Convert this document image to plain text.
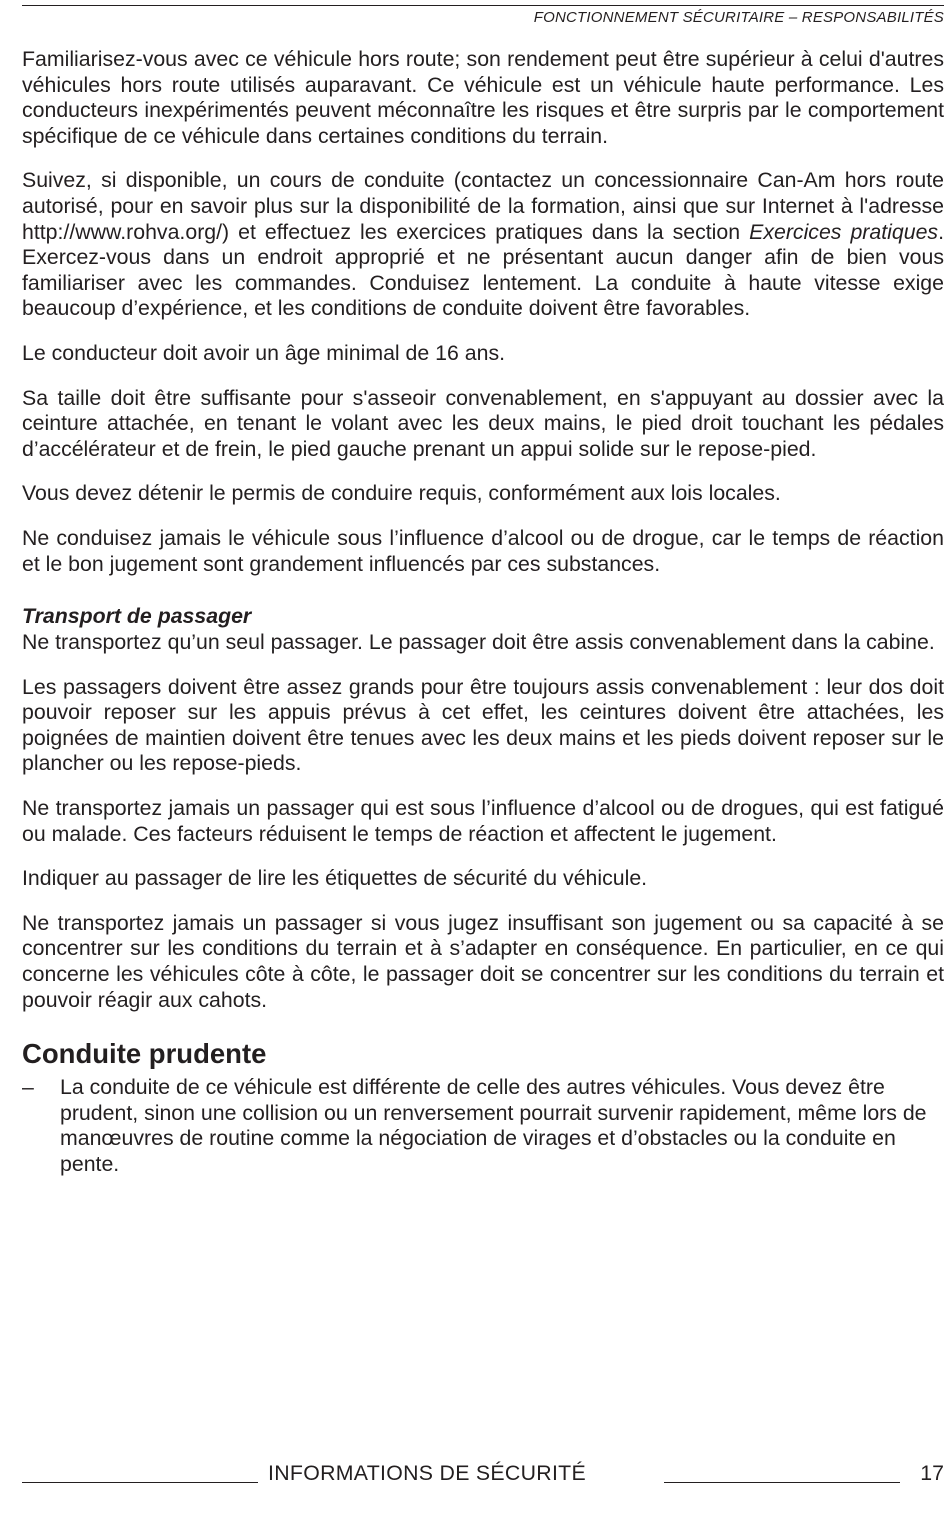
FONCTIONNEMENT SÉCURITAIRE – RESPONSABILITÉS

Familiarisez-vous avec ce véhicule hors route; son rendement peut être supérieur à celui d'autres véhicules hors route utilisés auparavant. Ce véhicule est un véhicule haute performance. Les conducteurs inexpérimentés peuvent méconnaître les risques et être surpris par le comportement spécifique de ce véhicule dans certaines conditions du terrain.

Suivez, si disponible, un cours de conduite (contactez un concessionnaire Can-Am hors route autorisé, pour en savoir plus sur la disponibilité de la formation, ainsi que sur Internet à l'adresse http://www.rohva.org/) et effectuez les exercices pratiques dans la section Exercices pratiques. Exercez-vous dans un endroit approprié et ne présentant aucun danger afin de bien vous familiariser avec les commandes. Conduisez lentement. La conduite à haute vitesse exige beaucoup d’expérience, et les conditions de conduite doivent être favorables.

Le conducteur doit avoir un âge minimal de 16 ans.

Sa taille doit être suffisante pour s'asseoir convenablement, en s'appuyant au dossier avec la ceinture attachée, en tenant le volant avec les deux mains, le pied droit touchant les pédales d’accélérateur et de frein, le pied gauche prenant un appui solide sur le repose-pied.

Vous devez détenir le permis de conduire requis, conformément aux lois locales.

Ne conduisez jamais le véhicule sous l’influence d’alcool ou de drogue, car le temps de réaction et le bon jugement sont grandement influencés par ces substances.

Transport de passager

Ne transportez qu’un seul passager. Le passager doit être assis convenablement dans la cabine.

Les passagers doivent être assez grands pour être toujours assis convenablement : leur dos doit pouvoir reposer sur les appuis prévus à cet effet, les ceintures doivent être attachées, les poignées de maintien doivent être tenues avec les deux mains et les pieds doivent reposer sur le plancher ou les repose-pieds.

Ne transportez jamais un passager qui est sous l’influence d’alcool ou de drogues, qui est fatigué ou malade. Ces facteurs réduisent le temps de réaction et affectent le jugement.

Indiquer au passager de lire les étiquettes de sécurité du véhicule.

Ne transportez jamais un passager si vous jugez insuffisant son jugement ou sa capacité à se concentrer sur les conditions du terrain et à s’adapter en conséquence. En particulier, en ce qui concerne les véhicules côte à côte, le passager doit se concentrer sur les conditions du terrain et pouvoir réagir aux cahots.

Conduite prudente
– La conduite de ce véhicule est différente de celle des autres véhicules. Vous devez être prudent, sinon une collision ou un renversement pourrait survenir rapidement, même lors de manœuvres de routine comme la négociation de virages et d’obstacles ou la conduite en pente.
INFORMATIONS DE SÉCURITÉ	17
